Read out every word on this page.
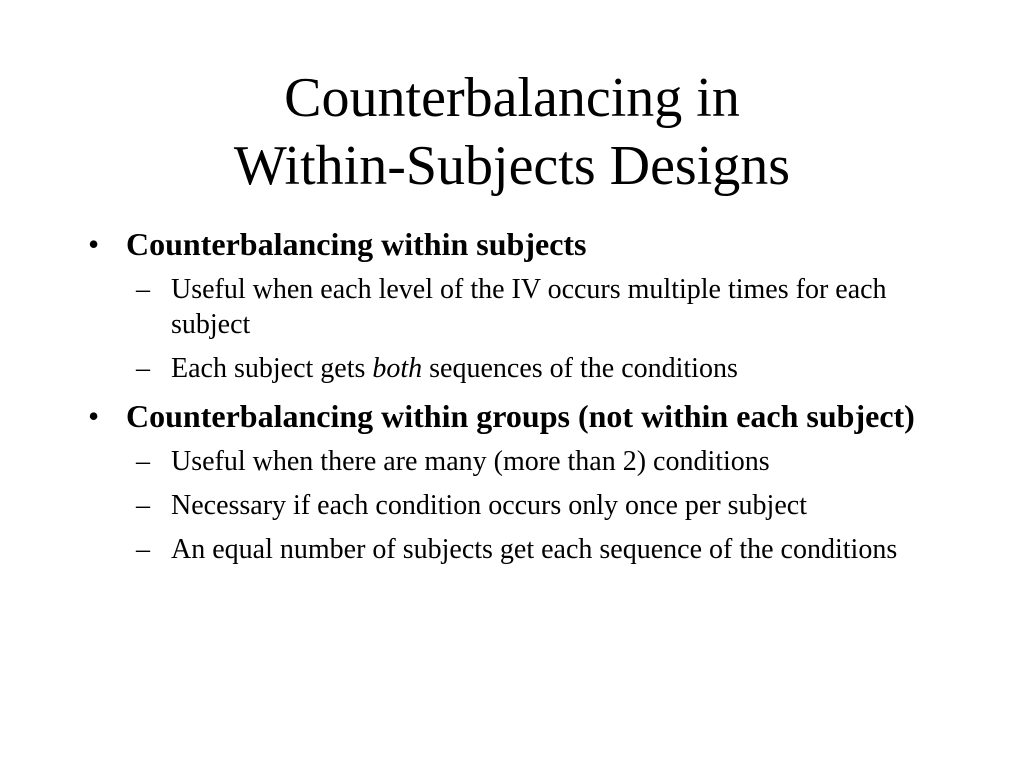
Counterbalancing in
Within-Subjects Designs
• Counterbalancing within subjects
– Useful when each level of the IV occurs multiple times for each subject
– Each subject gets both sequences of the conditions
• Counterbalancing within groups (not within each subject)
– Useful when there are many (more than 2) conditions
– Necessary if each condition occurs only once per subject
– An equal number of subjects get each sequence of the conditions
